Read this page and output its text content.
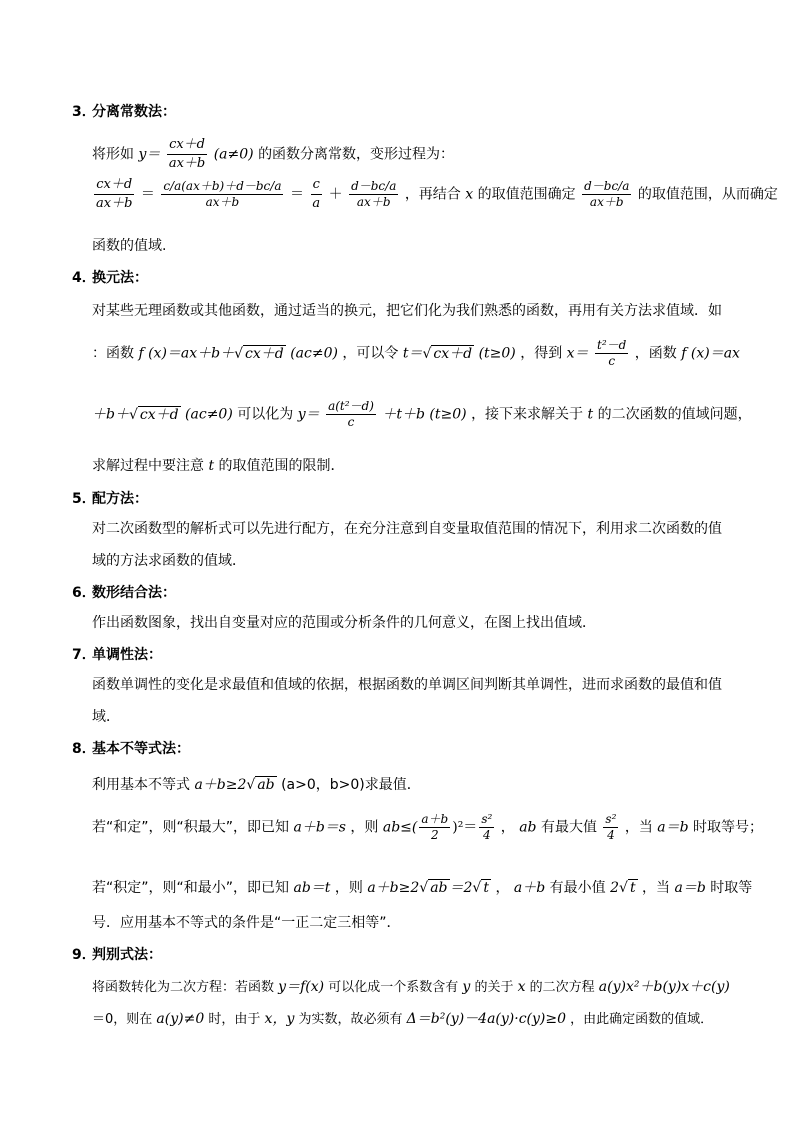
3．分离常数法：
将形如 $y= \frac{cx+d}{ax+b} (a\ne 0)$ 的函数分离常数，变形过程为：
$\frac{cx+d}{ax+b} = \frac{c/a(ax+b)+d-bc/a}{ax+b} = \frac{c}{a} + \frac{d-bc/a}{ax+b}$ ，再结合 x 的取值范围确定 $\frac{d-bc/a}{ax+b}$ 的取值范围，从而确定
函数的值域.
4．换元法：
对某些无理函数或其他函数，通过适当的换元，把它们化为我们熟悉的函数，再用有关方法求值域．如
：函数 f (x)＝ax＋b＋√ cx＋d (ac≠0) ，可以令 t＝√ cx＋d (t≥0) ，得到 $x= \frac{\text{t²－d}}{c}$ ，函数 f (x)＝ax
＋b＋√ cx＋d (ac≠0) 可以化为 $y= \frac{\text{a(t²－d)}}{c} +t+b$ (t≥0) ，接下来求解关于 t 的二次函数的值域问题，
求解过程中要注意 t 的取值范围的限制．
5．配方法：
对二次函数型的解析式可以先进行配方，在充分注意到自变量取值范围的情况下，利用求二次函数的值
域的方法求函数的值域．
6．数形结合法：
作出函数图象，找出自变量对应的范围或分析条件的几何意义，在图上找出值域．
7．单调性法：
函数单调性的变化是求最值和值域的依据，根据函数的单调区间判断其单调性，进而求函数的最值和值
域．
8．基本不等式法：
利用基本不等式 a＋b≥2√ ab (a>0，b>0)求最值．
若“和定”，则“积最大”，即已知 a＋b＝s ，则 $ab\le( \frac{a+b}{2} )^2= \frac{\text{s²}}{4}$ ， ab 有最大值 $\frac{\text{s²}}{4}$ ，当 a＝b 时取等号；
若“积定”，则“和最小”，即已知 ab＝t ，则 a＋b≥2√ ab ＝2√ t ， a＋b 有最小值 2√ t ，当 a＝b 时取等
号．应用基本不等式的条件是“一正二定三相等”．
9．判别式法：
将函数转化为二次方程：若函数 y＝f(x) 可以化成一个系数含有 y 的关于 x 的二次方程 a(y)x²＋b(y)x＋c(y)
＝0，则在 a(y)≠0 时，由于 x，y 为实数，故必须有 Δ＝b²(y)－4a(y)·c(y)≥0 ，由此确定函数的值域．
